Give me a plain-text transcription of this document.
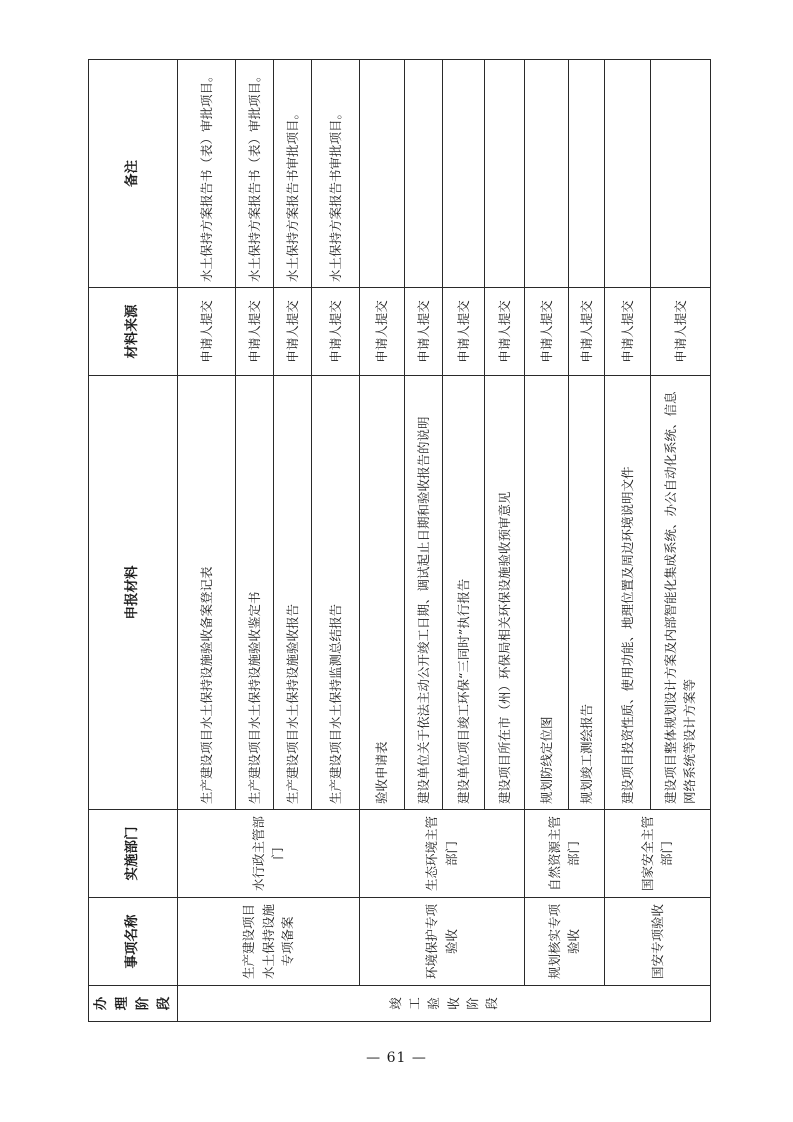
办理阶段	事项名称	实施部门	申报材料	材料来源	备注
竣工验收阶段	生产建设项目水土保持设施专项备案	水行政主管部门	生产建设项目水土保持设施验收备案登记表	申请人提交	水土保持方案报告书（表）审批项目。
			生产建设项目水土保持设施验收鉴定书	申请人提交	水土保持方案报告书（表）审批项目。
			生产建设项目水土保持设施验收报告	申请人提交	水土保持方案报告书审批项目。
			生产建设项目水土保持监测总结报告	申请人提交	水土保持方案报告书审批项目。
	环境保护专项验收	生态环境主管部门	验收申请表	申请人提交	
			建设单位关于依法主动公开竣工日期、调试起止日期和验收报告的说明	申请人提交	
			建设单位项目竣工环保“三同时”执行报告	申请人提交	
			建设项目所在市（州）环保局相关环保设施验收预审意见	申请人提交	
	规划核实专项验收	自然资源主管部门	规划防线定位图	申请人提交	
			规划竣工测绘报告	申请人提交	
	国安专项验收	国家安全主管部门	建设项目投资性质、使用功能、地理位置及周边环境说明文件	申请人提交	
			建设项目整体规划设计方案及内部智能化集成系统、办公自动化系统、信息网络系统等设计方案等	申请人提交	
— 61 —
